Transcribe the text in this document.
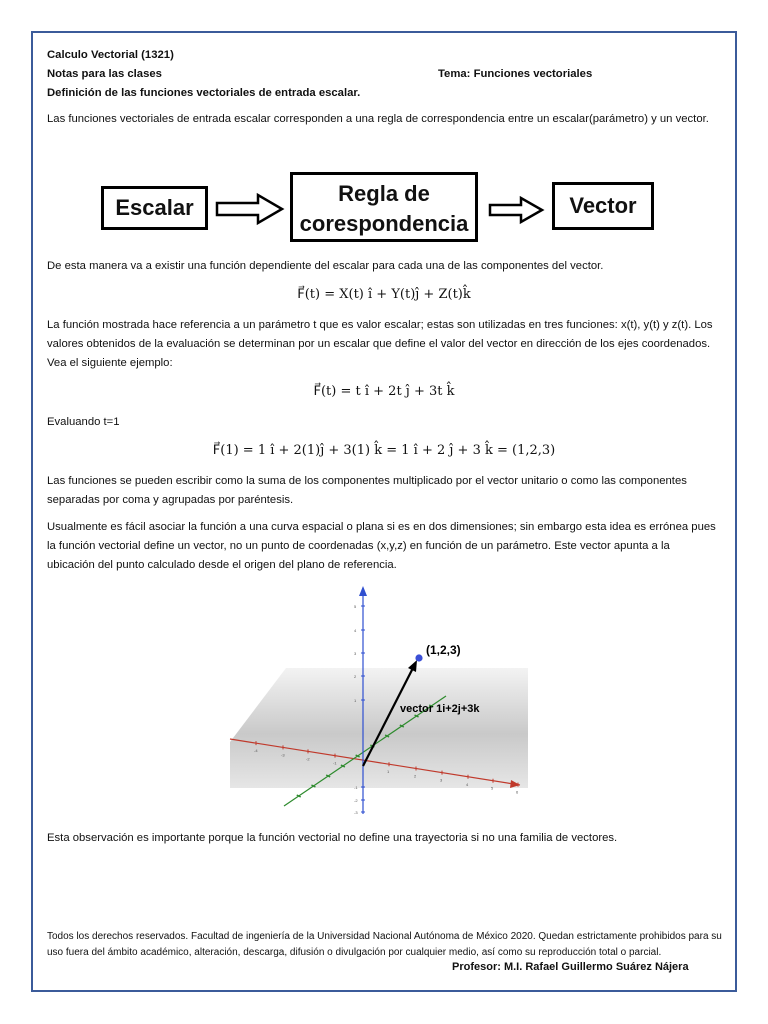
Calculo Vectorial (1321)
Notas para las clases	Tema: Funciones vectoriales
Definición de las funciones vectoriales de entrada escalar.
Las funciones vectoriales de entrada escalar corresponden a una regla de correspondencia entre un escalar(parámetro) y un vector.
Escalar
Regla de
corespondencia
Vector
De esta manera va a existir una función dependiente del escalar para cada una de las componentes del vector.
F⃗(t) = X(t) î + Y(t)ĵ + Z(t)k̂
La función mostrada hace referencia a un parámetro t que es valor escalar; estas son utilizadas en tres funciones: x(t), y(t) y z(t). Los valores obtenidos de la evaluación se determinan por un escalar que define el valor del vector en dirección de los ejes coordenados. Vea el siguiente ejemplo:
F⃗(t) = t î + 2t ĵ + 3t k̂
Evaluando t=1
F⃗(1) = 1 î + 2(1)ĵ + 3(1) k̂ = 1 î + 2 ĵ + 3 k̂ = (1,2,3)
Las funciones se pueden escribir como la suma de los componentes multiplicado por el vector unitario o como las componentes separadas por coma y agrupadas por paréntesis.
Usualmente es fácil asociar la función a una curva espacial o plana si es en dos dimensiones; sin embargo esta idea es errónea pues la función vectorial define un vector, no un punto de coordenadas (x,y,z) en función de un parámetro. Este vector apunta a la ubicación del punto calculado desde el origen del plano de referencia.
5
4
3
2
1
-1
-2
-3
-4
-3
-2
-1
1
2
3
4
5
6
(1,2,3)
vector 1i+2j+3k
Esta observación es importante porque la función vectorial no define una trayectoria si no una familia de vectores.
Todos los derechos reservados. Facultad de ingeniería de la Universidad Nacional Autónoma de México 2020. Quedan estrictamente prohibidos para su uso fuera del ámbito académico, alteración, descarga, difusión o divulgación por cualquier medio, así como su reproducción total o parcial.
Profesor: M.I. Rafael Guillermo Suárez Nájera
